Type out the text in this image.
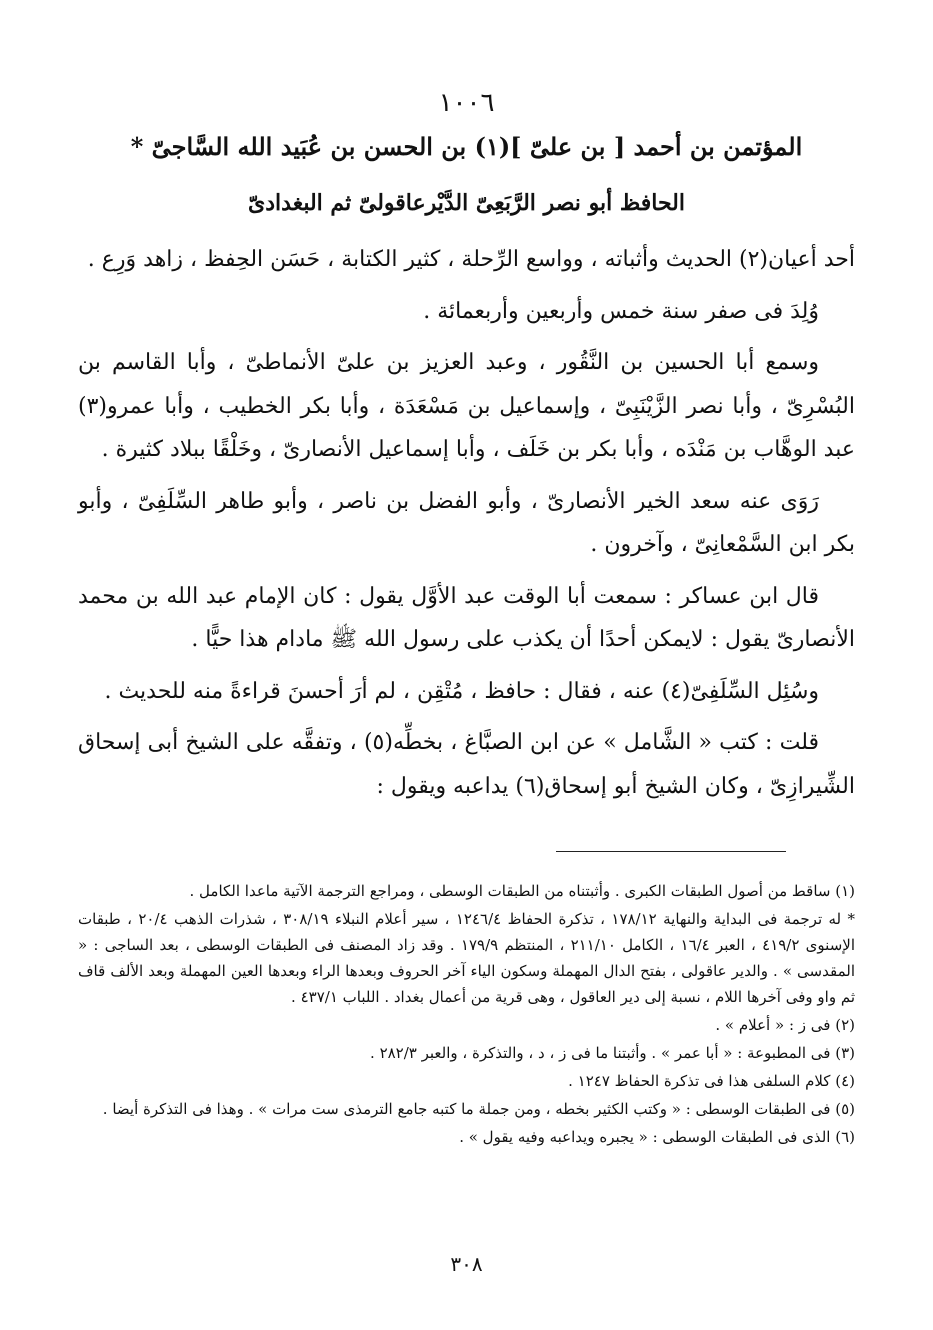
١٠٠٦
المؤتمن بن أحمد [ بن علىّ ](١) بن الحسن بن عُبَيد الله السَّاجىّ *
الحافظ أبو نصر الرَّبَعِىّ الدَّيْرعاقولىّ ثم البغدادىّ

أحد أعيان(٢) الحديث وأثباته ، وواسع الرِّحلة ، كثير الكتابة ، حَسَن الحِفظ ، زاهد وَرِع .

وُلِدَ فى صفر سنة خمس وأربعين وأربعمائة .

وسمع أبا الحسين بن النَّقُور ، وعبد العزيز بن علىّ الأنماطىّ ، وأبا القاسم بن البُسْرِىّ ، وأبا نصر الزَّيْنَبِىّ ، وإسماعيل بن مَسْعَدَة ، وأبا بكر الخطيب ، وأبا عمرو(٣) عبد الوهَّاب بن مَنْدَه ، وأبا بكر بن خَلَف ، وأبا إسماعيل الأنصارىّ ، وخَلْقًا ببلاد كثيرة .

رَوَى عنه سعد الخير الأنصارىّ ، وأبو الفضل بن ناصر ، وأبو طاهر السِّلَفِىّ ، وأبو بكر ابن السَّمْعانِىّ ، وآخرون .

قال ابن عساكر : سمعت أبا الوقت عبد الأوَّل يقول : كان الإمام عبد الله بن محمد الأنصارىّ يقول : لايمكن أحدًا أن يكذب على رسول الله ﷺ مادام هذا حيًّا .

وسُئِل السِّلَفِىّ(٤) عنه ، فقال : حافظ ، مُتْقِن ، لم أرَ أحسنَ قراءةً منه للحديث .

قلت : كتب « الشَّامل » عن ابن الصبَّاغ ، بخطِّه(٥) ، وتفقَّه على الشيخ أبى إسحاق الشِّيرازِىّ ، وكان الشيخ أبو إسحاق(٦) يداعبه ويقول :

(١) ساقط من أصول الطبقات الكبرى . وأثبتناه من الطبقات الوسطى ، ومراجع الترجمة الآتية ماعدا الكامل .

* له ترجمة فى البداية والنهاية ١٧٨/١٢ ، تذكرة الحفاظ ١٢٤٦/٤ ، سير أعلام النبلاء ٣٠٨/١٩ ، شذرات الذهب ٢٠/٤ ، طبقات الإسنوى ٤١٩/٢ ، العبر ١٦/٤ ، الكامل ٢١١/١٠ ، المنتظم ١٧٩/٩ . وقد زاد المصنف فى الطبقات الوسطى ، بعد الساجى : « المقدسى » . والدير عاقولى ، بفتح الدال المهملة وسكون الياء آخر الحروف وبعدها الراء وبعدها العين المهملة وبعد الألف قاف ثم واو وفى آخرها اللام ، نسبة إلى دير العاقول ، وهى قرية من أعمال بغداد . اللباب ٤٣٧/١ .

(٢) فى ز : « أعلام » .

(٣) فى المطبوعة : « أبا عمر » . وأثبتنا ما فى ز ، د ، والتذكرة ، والعبر ٢٨٢/٣ .

(٤) كلام السلفى هذا فى تذكرة الحفاظ ١٢٤٧ .

(٥) فى الطبقات الوسطى : « وكتب الكثير بخطه ، ومن جملة ما كتبه جامع الترمذى ست مرات » . وهذا فى التذكرة أيضا .

(٦) الذى فى الطبقات الوسطى : « يجبره ويداعبه وفيه يقول » .

٣٠٨
